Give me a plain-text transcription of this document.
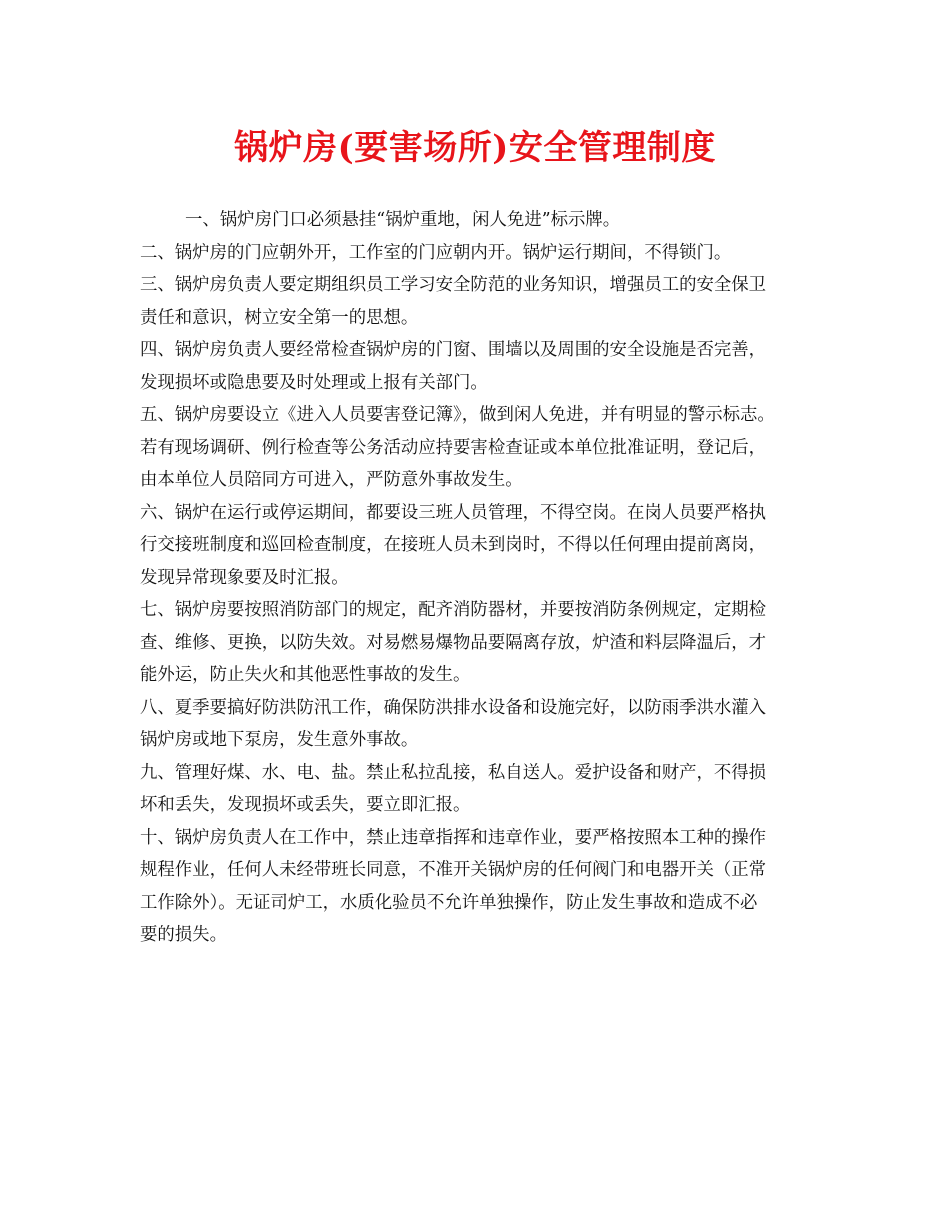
锅炉房(要害场所)安全管理制度
一、锅炉房门口必须悬挂“锅炉重地，闲人免进”标示牌。
二、锅炉房的门应朝外开，工作室的门应朝内开。锅炉运行期间，不得锁门。
三、锅炉房负责人要定期组织员工学习安全防范的业务知识，增强员工的安全保卫
责任和意识，树立安全第一的思想。
四、锅炉房负责人要经常检查锅炉房的门窗、围墙以及周围的安全设施是否完善，
发现损坏或隐患要及时处理或上报有关部门。
五、锅炉房要设立《进入人员要害登记簿》，做到闲人免进，并有明显的警示标志。
若有现场调研、例行检查等公务活动应持要害检查证或本单位批准证明，登记后，
由本单位人员陪同方可进入，严防意外事故发生。
六、锅炉在运行或停运期间，都要设三班人员管理，不得空岗。在岗人员要严格执
行交接班制度和巡回检查制度，在接班人员未到岗时，不得以任何理由提前离岗，
发现异常现象要及时汇报。
七、锅炉房要按照消防部门的规定，配齐消防器材，并要按消防条例规定，定期检
查、维修、更换，以防失效。对易燃易爆物品要隔离存放，炉渣和料层降温后，才
能外运，防止失火和其他恶性事故的发生。
八、夏季要搞好防洪防汛工作，确保防洪排水设备和设施完好，以防雨季洪水灌入
锅炉房或地下泵房，发生意外事故。
九、管理好煤、水、电、盐。禁止私拉乱接，私自送人。爱护设备和财产，不得损
坏和丢失，发现损坏或丢失，要立即汇报。
十、锅炉房负责人在工作中，禁止违章指挥和违章作业，要严格按照本工种的操作
规程作业，任何人未经带班长同意，不准开关锅炉房的任何阀门和电器开关（正常
工作除外）。无证司炉工，水质化验员不允许单独操作，防止发生事故和造成不必
要的损失。
